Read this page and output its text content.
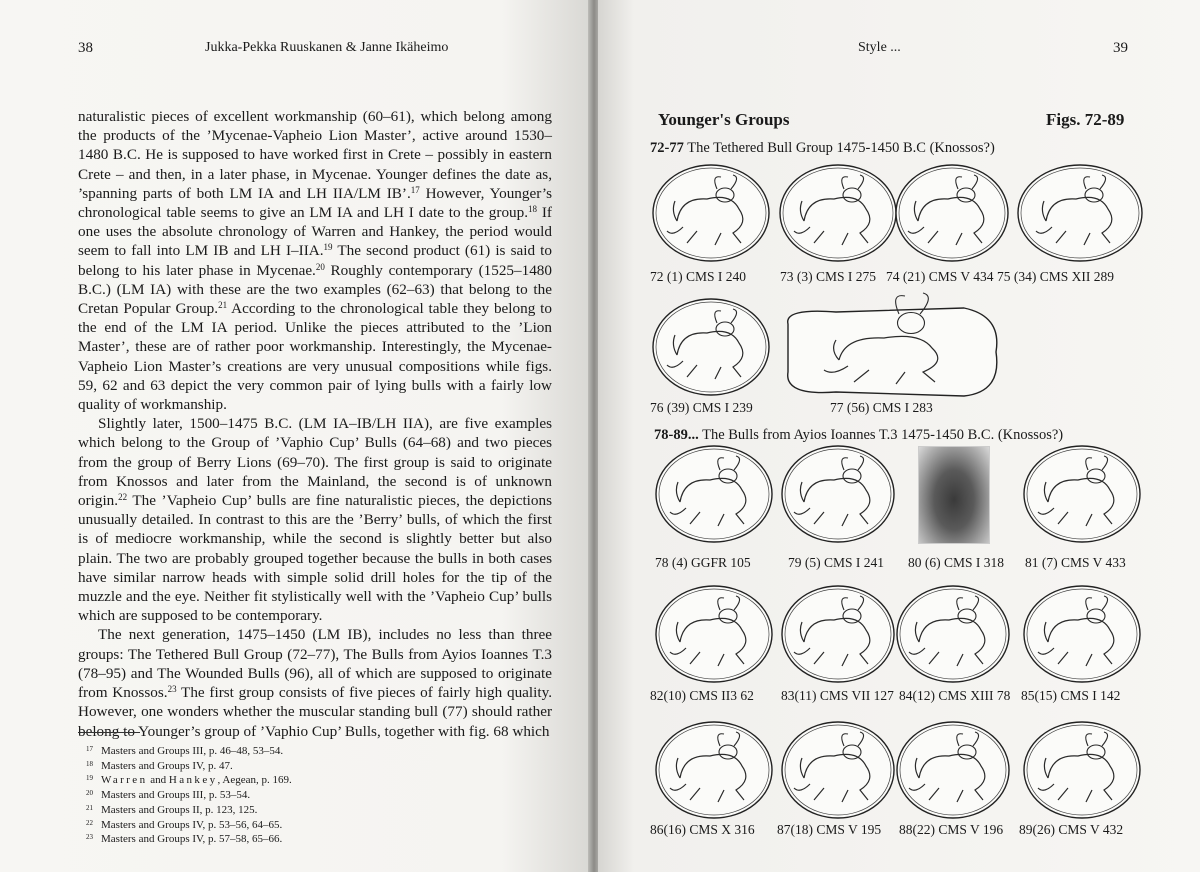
38	Jukka-Pekka Ruuskanen & Janne Ikäheimo

naturalistic pieces of excellent workmanship (60–61), which belong among the products of the ’Mycenae-Vapheio Lion Master’, active around 1530–1480 B.C. He is supposed to have worked first in Crete – possibly in eastern Crete – and then, in a later phase, in Mycenae. Younger defines the date as, ’spanning parts of both LM IA and LH IIA/LM IB’.$^{17}$ However, Younger’s chronological table seems to give an LM IA and LH I date to the group.$^{18}$ If one uses the absolute chronology of Warren and Hankey, the period would seem to fall into LM IB and LH I–IIA.$^{19}$ The second product (61) is said to belong to his later phase in Mycenae.$^{20}$ Roughly contemporary (1525–1480 B.C.) (LM IA) with these are the two examples (62–63) that belong to the Cretan Popular Group.$^{21}$ According to the chronological table they belong to the end of the LM IA period. Unlike the pieces attributed to the ’Lion Master’, these are of rather poor workmanship. Interestingly, the Mycenae-Vapheio Lion Master’s creations are very unusual compositions while figs. 59, 62 and 63 depict the very common pair of lying bulls with a fairly low quality of workmanship.

Slightly later, 1500–1475 B.C. (LM IA–IB/LH IIA), are five examples which belong to the Group of ’Vaphio Cup’ Bulls (64–68) and two pieces from the group of Berry Lions (69–70). The first group is said to originate from Knossos and later from the Mainland, the second is of unknown origin.$^{22}$ The ’Vapheio Cup’ bulls are fine naturalistic pieces, the depictions unusually detailed. In contrast to this are the ’Berry’ bulls, of which the first is of mediocre workmanship, while the second is slightly better but also plain. The two are probably grouped together because the bulls in both cases have similar narrow heads with simple solid drill holes for the tip of the muzzle and the eye. Neither fit stylistically well with the ’Vapheio Cup’ bulls which are supposed to be contemporary.

The next generation, 1475–1450 (LM IB), includes no less than three groups: The Tethered Bull Group (72–77), The Bulls from Ayios Ioannes T.3 (78–95) and The Wounded Bulls (96), all of which are supposed to originate from Knossos.$^{23}$ The first group consists of five pieces of fairly high quality. However, one wonders whether the muscular standing bull (77) should rather belong to Younger’s group of ’Vaphio Cup’ Bulls, together with fig. 68 which

$^{17}$ Masters and Groups III, p. 46–48, 53–54.
$^{18}$ Masters and Groups IV, p. 47.
$^{19}$ Warren and Hankey, Aegean, p. 169.
$^{20}$ Masters and Groups III, p. 53–54.
$^{21}$ Masters and Groups II, p. 123, 125.
$^{22}$ Masters and Groups IV, p. 53–56, 64–65.
$^{23}$ Masters and Groups IV, p. 57–58, 65–66.
Style ...	39
Younger's Groups	Figs. 72-89
72-77 The Tethered Bull Group 1475-1450 B.C (Knossos?)
78-89... The Bulls from Ayios Ioannes T.3 1475-1450 B.C. (Knossos?)
72 (1) CMS I 240	73 (3) CMS I 275 74 (21) CMS V 434 75 (34) CMS XII 289
76 (39) CMS I 239	77 (56) CMS I 283
78 (4) GGFR 105	79 (5) CMS I 241 80 (6) CMS I 318 81 (7) CMS V 433
82(10) CMS II3 62 83(11) CMS VII 127 84(12) CMS XIII 78 85(15) CMS I 142
86(16) CMS X 316 87(18) CMS V 195 88(22) CMS V 196 89(26) CMS V 432
